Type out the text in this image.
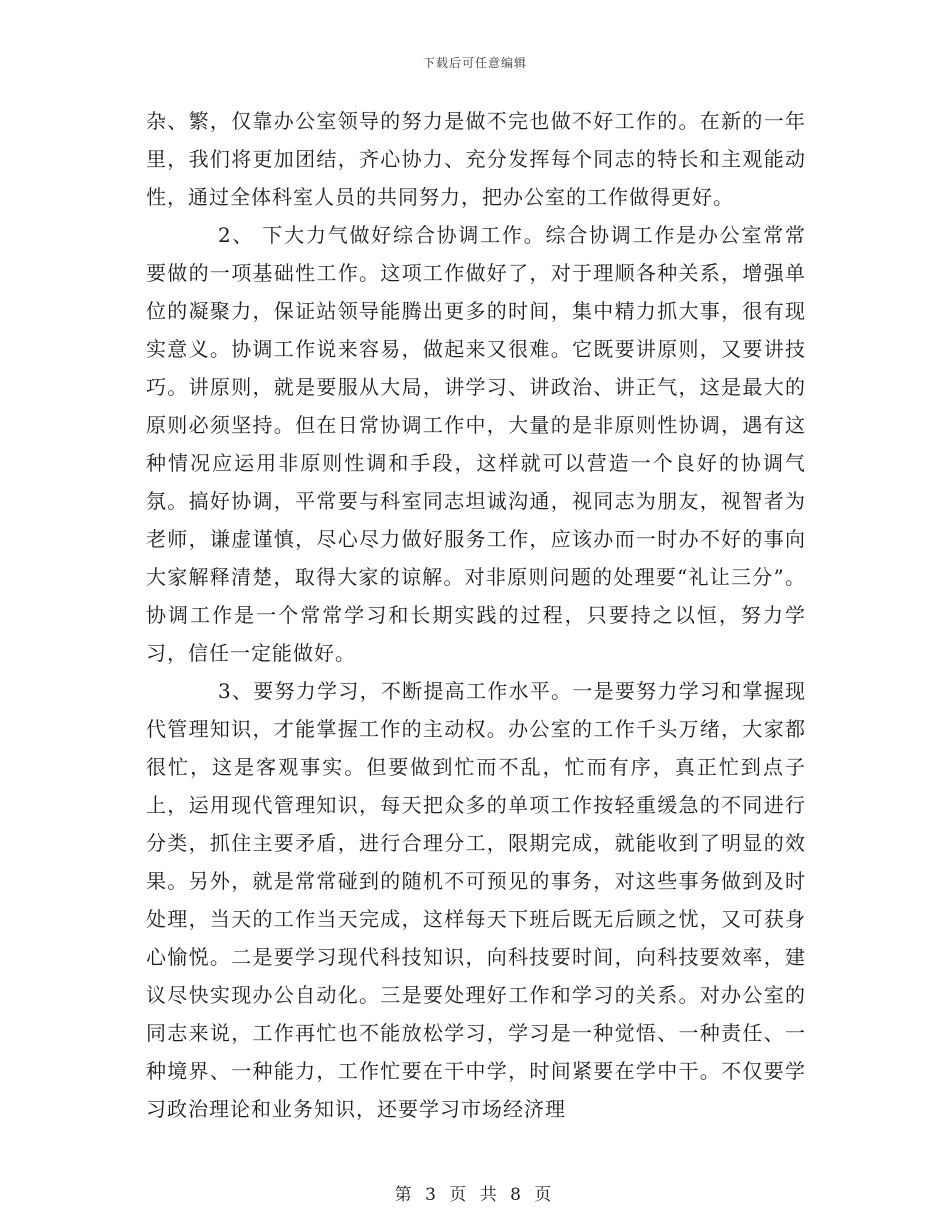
下载后可任意编辑

杂、繁，仅靠办公室领导的努力是做不完也做不好工作的。在新的一年里，我们将更加团结，齐心协力、充分发挥每个同志的特长和主观能动性，通过全体科室人员的共同努力，把办公室的工作做得更好。

2、 下大力气做好综合协调工作。综合协调工作是办公室常常要做的一项基础性工作。这项工作做好了，对于理顺各种关系，增强单位的凝聚力，保证站领导能腾出更多的时间，集中精力抓大事，很有现实意义。协调工作说来容易，做起来又很难。它既要讲原则，又要讲技巧。讲原则，就是要服从大局，讲学习、讲政治、讲正气，这是最大的原则必须坚持。但在日常协调工作中，大量的是非原则性协调，遇有这种情况应运用非原则性调和手段，这样就可以营造一个良好的协调气氛。搞好协调，平常要与科室同志坦诚沟通，视同志为朋友，视智者为老师，谦虚谨慎，尽心尽力做好服务工作，应该办而一时办不好的事向大家解释清楚，取得大家的谅解。对非原则问题的处理要“礼让三分”。协调工作是一个常常学习和长期实践的过程，只要持之以恒，努力学习，信任一定能做好。

3、要努力学习，不断提高工作水平。一是要努力学习和掌握现代管理知识，才能掌握工作的主动权。办公室的工作千头万绪，大家都很忙，这是客观事实。但要做到忙而不乱，忙而有序，真正忙到点子上，运用现代管理知识，每天把众多的单项工作按轻重缓急的不同进行分类，抓住主要矛盾，进行合理分工，限期完成，就能收到了明显的效果。另外，就是常常碰到的随机不可预见的事务，对这些事务做到及时处理，当天的工作当天完成，这样每天下班后既无后顾之忧，又可获身心愉悦。二是要学习现代科技知识，向科技要时间，向科技要效率，建议尽快实现办公自动化。三是要处理好工作和学习的关系。对办公室的同志来说，工作再忙也不能放松学习，学习是一种觉悟、一种责任、一种境界、一种能力，工作忙要在干中学，时间紧要在学中干。不仅要学习政治理论和业务知识，还要学习市场经济理

第 3 页 共 8 页
